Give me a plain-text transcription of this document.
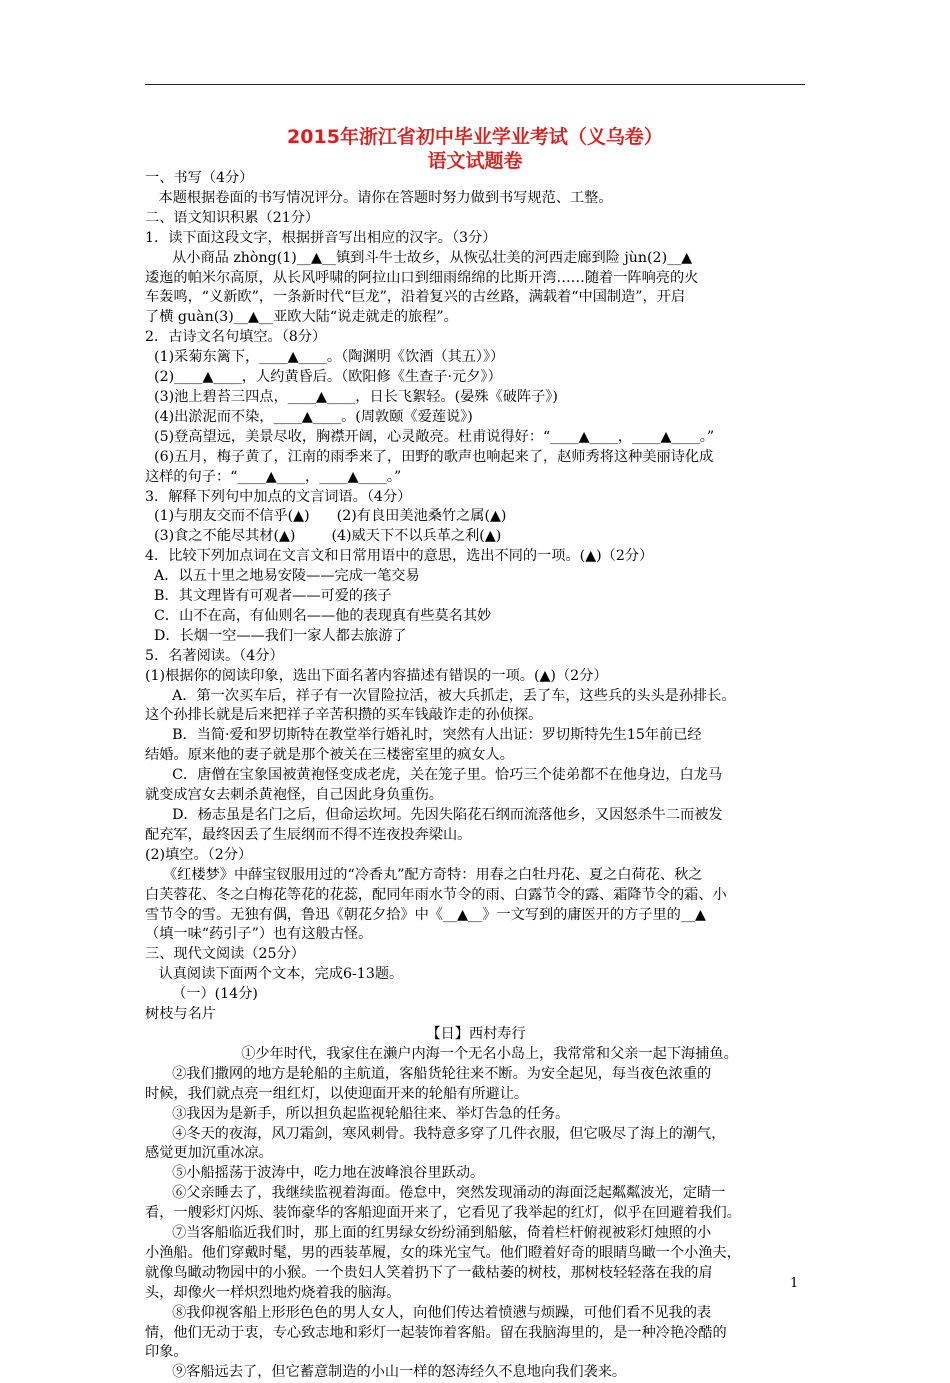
2015年浙江省初中毕业学业考试（义乌卷）
语文试题卷

一、书写（4分）

本题根据卷面的书写情况评分。请你在答题时努力做到书写规范、工整。

二、语文知识积累（21分）

1．读下面这段文字，根据拼音写出相应的汉字。（3分）

从小商品 zhòng(1)__▲__镇到斗牛士故乡，从恢弘壮美的河西走廊到险 jùn(2)__▲

逶迤的帕米尔高原，从长风呼啸的阿拉山口到细雨绵绵的比斯开湾……随着一阵响亮的火

车轰鸣，“义新欧”，一条新时代“巨龙”，沿着复兴的古丝路，满载着“中国制造”，开启

了横 guàn(3)__▲__亚欧大陆“说走就走的旅程”。

2．古诗文名句填空。（8分）

(1)采菊东篱下，____▲____。（陶渊明《饮酒（其五）》）

(2)____▲____，人约黄昏后。（欧阳修《生查子·元夕》）

(3)池上碧苔三四点，____▲____，日长飞絮轻。(晏殊《破阵子》)

(4)出淤泥而不染，____▲____。(周敦颐《爱莲说》)

(5)登高望远，美景尽收，胸襟开阔，心灵敞亮。杜甫说得好：“____▲____，____▲____。”

(6)五月，梅子黄了，江南的雨季来了，田野的歌声也响起来了，赵师秀将这种美丽诗化成

这样的句子：“____▲____，____▲____。”

3．解释下列句中加点的文言词语。（4分）

(1)与朋友交而不信乎(▲)      (2)有良田美池桑竹之属(▲)

(3)食之不能尽其材(▲)        (4)威天下不以兵革之利(▲)

4．比较下列加点词在文言文和日常用语中的意思，选出不同的一项。(▲)（2分）

A．以五十里之地易安陵——完成一笔交易

B．其文理皆有可观者——可爱的孩子

C．山不在高，有仙则名——他的表现真有些莫名其妙

D．长烟一空——我们一家人都去旅游了

5．名著阅读。（4分）

(1)根据你的阅读印象，选出下面名著内容描述有错误的一项。(▲)（2分）

A．第一次买车后，祥子有一次冒险拉活，被大兵抓走，丢了车，这些兵的头头是孙排长。

这个孙排长就是后来把祥子辛苦积攒的买车钱敲诈走的孙侦探。

B．当简·爱和罗切斯特在教堂举行婚礼时，突然有人出证：罗切斯特先生15年前已经

结婚。原来他的妻子就是那个被关在三楼密室里的疯女人。

C．唐僧在宝象国被黄袍怪变成老虎，关在笼子里。恰巧三个徒弟都不在他身边，白龙马

就变成宫女去刺杀黄袍怪，自己因此身负重伤。

D．杨志虽是名门之后，但命运坎坷。先因失陷花石纲而流落他乡，又因怒杀牛二而被发

配充军，最终因丢了生辰纲而不得不连夜投奔梁山。

(2)填空。（2分）

《红楼梦》中薛宝钗服用过的“冷香丸”配方奇特：用春之白牡丹花、夏之白荷花、秋之

白芙蓉花、冬之白梅花等花的花蕊，配同年雨水节令的雨、白露节令的露、霜降节令的霜、小

雪节令的雪。无独有偶，鲁迅《朝花夕拾》中《__▲__》一文写到的庸医开的方子里的__▲

（填一味“药引子”）也有这般古怪。

三、现代文阅读（25分）

认真阅读下面两个文本，完成6-13题。

（一）(14分)

树枝与名片

【日】西村寿行

①少年时代，我家住在濑户内海一个无名小岛上，我常常和父亲一起下海捕鱼。

②我们撒网的地方是轮船的主航道，客船货轮往来不断。为安全起见，每当夜色浓重的

时候，我们就点亮一组红灯，以使迎面开来的轮船有所避让。

③我因为是新手，所以担负起监视轮船往来、举灯告急的任务。

④冬天的夜海，风刀霜剑，寒风刺骨。我特意多穿了几件衣服，但它吸尽了海上的潮气，

感觉更加沉重冰凉。

⑤小船摇荡于波涛中，吃力地在波峰浪谷里跃动。

⑥父亲睡去了，我继续监视着海面。倦怠中，突然发现涌动的海面泛起粼粼波光，定睛一

看，一艘彩灯闪烁、装饰豪华的客船迎面开来了，它看见了我举起的红灯，似乎在回避着我们。

⑦当客船临近我们时，那上面的红男绿女纷纷涌到船舷，倚着栏杆俯视被彩灯烛照的小

小渔船。他们穿戴时髦，男的西装革履，女的珠光宝气。他们瞪着好奇的眼睛鸟瞰一个小渔夫，

就像鸟瞰动物园中的小猴。一个贵妇人笑着扔下了一截枯萎的树枝，那树枝轻轻落在我的肩

头，却像火一样炽烈地灼烧着我的脑海。

⑧我仰视客船上形形色色的男人女人，向他们传达着愤懑与烦躁，可他们看不见我的表

情，他们无动于衷，专心致志地和彩灯一起装饰着客船。留在我脑海里的，是一种冷艳冷酷的

印象。

⑨客船远去了，但它蓄意制造的小山一样的怒涛经久不息地向我们袭来。

1
